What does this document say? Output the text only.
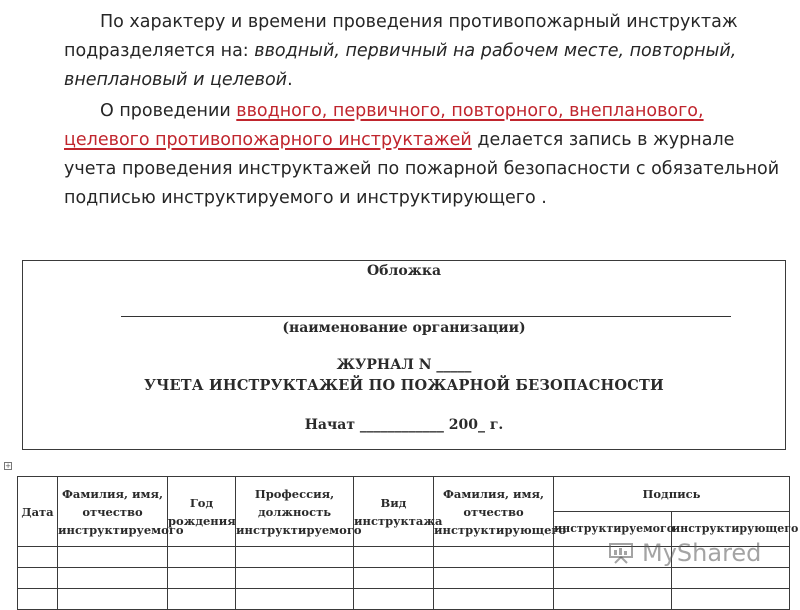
По характеру и времени проведения противопожарный инструктаж подразделяется на: вводный, первичный на рабочем месте, повторный, внеплановый и целевой.

О проведении вводного, первичного, повторного, внепланового, целевого противопожарного инструктажей делается запись в журнале учета проведения инструктажей по пожарной безопасности с обязательной подписью инструктируемого и инструктирующего .

Обложка
(наименование организации)
ЖУРНАЛ N _____
УЧЕТА ИНСТРУКТАЖЕЙ ПО ПОЖАРНОЙ БЕЗОПАСНОСТИ
Начат ____________ 200_ г.
+
Дата	Фамилия, имя, отчество инструктируемого	Год рождения	Профессия, должность инструктируемого	Вид инструктажа	Фамилия, имя, отчество инструктирующего	Подпись	
						инструктируемого	инструктирующего

MyShared
